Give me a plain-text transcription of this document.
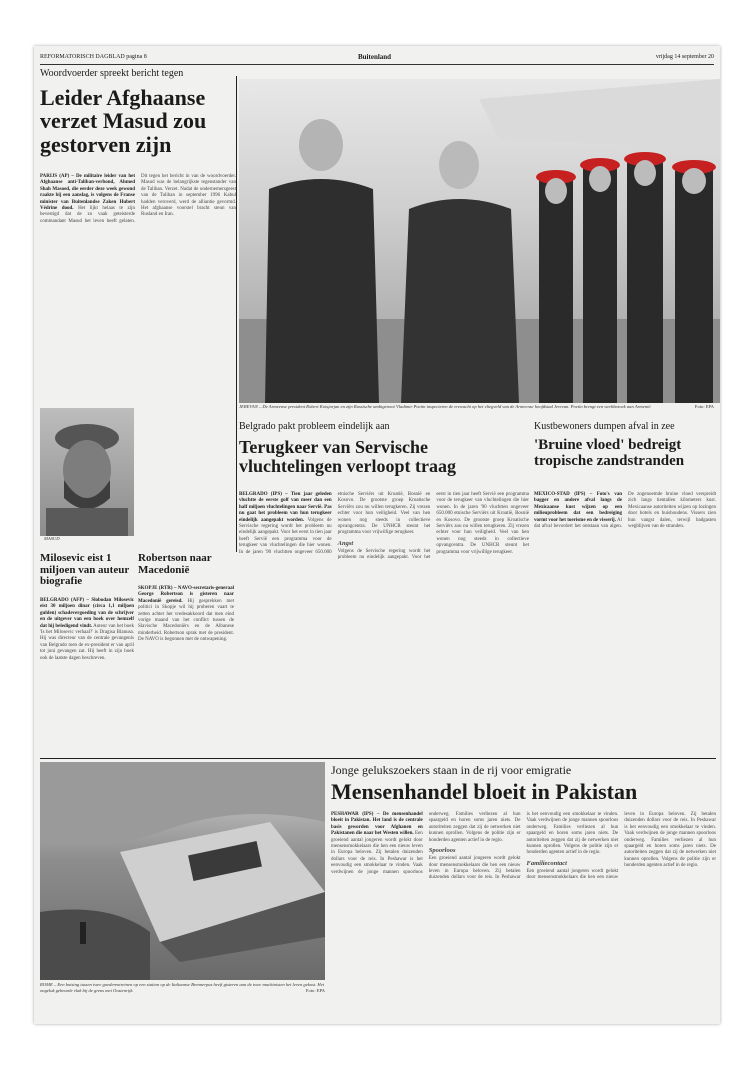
REFORMATORISCH DAGBLAD pagina 8	Buitenland	vrijdag 14 september 20
Woordvoerder spreekt bericht tegen
Leider Afghaanse verzet Masud zou gestorven zijn
PARIJS (AP) – De militaire leider van het Afghaanse anti-Taliban-verbond, Ahmed Shah Masoed, die eerder deze week gewond raakte bij een aanslag, is volgens de Franse minister van Buitenlandse Zaken Hubert Védrine dood. Het lijkt helaas te zijn bevestigd dat de zo vaak geteisterde commandant Masud het leven heeft gelaten. Dit tegen het bericht in van de woordvoerder. Masud was de belangrijkste tegenstander van de Taliban. Verzet. Nadat de ondernemersgeest van de Taliban in september 1996 Kabul hadden veroverd, werd de alliantie gevormd. Het afghaanse voorstel bracht steun van Rusland en Iran.
MASUD
JEREVAN – De Armeense president Robert Kotsjarjan en zijn Russische ambtgenoot Vladimir Poetin inspecteren de erewacht op het vliegveld van de Armeense hoofdstad Jerevan. Poetin brengt een werkbezoek aan Armenië.	Foto: EPA
Milosevic eist 1 miljoen van auteur biografie
BELGRADO (AFP) – Slobodan Milosevic eist 30 miljoen dinar (circa 1,1 miljoen gulden) schadevergoeding van de schrijver en de uitgever van een boek over hemzelf dat hij beledigend vindt. Auteur van het boek 'Is het Milosevic verhaal?' is Dragisa Blanusa. Hij was directeur van de centrale gevangenis van Belgrado toen de ex-president er van april tot juni gevangen zat. Hij heeft in zijn boek ook de laatste dagen beschreven.
Robertson naar Macedonië
SKOPJE (RTR) – NAVO-secretaris-generaal George Robertson is gisteren naar Macedonië gereisd. Hij gesprekken met politici in Skopje wil hij proberen vaart te zetten achter het vredesakkoord dat men eind vorige maand van het conflict tussen de Slavische Macedoniërs en de Albanese minderheid. Robertson sprak met de president. De NAVO is begonnen met de ontwapening.
Belgrado pakt probleem eindelijk aan
Terugkeer van Servische vluchtelingen verloopt traag
BELGRADO (IPS) – Tien jaar geleden vluchtte de eerste golf van meer dan een half miljoen vluchtelingen naar Servië. Pas nu gaat het probleem van hun terugkeer eindelijk aangepakt worden. Volgens de Servische regering wordt het probleem nu eindelijk aangepakt. Voor het eerst in tien jaar heeft Servië een programma voor de terugkeer van vluchtelingen die hier wonen. In de jaren '90 vluchtten ongeveer 650.000 etnische Serviërs uit Kroatië, Bosnië en Kosovo. De grootste groep Kroatische Serviërs zou nu willen terugkeren. Zij vrezen echter voor hun veiligheid. Veel van hen wonen nog steeds in collectieve opvangcentra. De UNHCR steunt het programma voor vrijwillige terugkeer.
Angst
Volgens de Servische regering wordt het probleem nu eindelijk aangepakt. Voor het eerst in tien jaar heeft Servië een programma voor de terugkeer van vluchtelingen die hier wonen. In de jaren '90 vluchtten ongeveer 650.000 etnische Serviërs uit Kroatië, Bosnië en Kosovo. De grootste groep Kroatische Serviërs zou nu willen terugkeren. Zij vrezen echter voor hun veiligheid. Veel van hen wonen nog steeds in collectieve opvangcentra. De UNHCR steunt het programma voor vrijwillige terugkeer.
Kustbewoners dumpen afval in zee
'Bruine vloed' bedreigt tropische zandstranden
MEXICO-STAD (IPS) – Foto's van bagger en andere afval langs de Mexicaanse kust wijzen op een milieuprobleem dat een bedreiging vormt voor het toerisme en de visserij. Al dat afval bevordert het ontstaan van algen. De zogenoemde bruine vloed verspreidt zich langs tientallen kilometers kust. Mexicaanse autoriteiten wijzen op lozingen door hotels en huishoudens. Vissers zien hun vangst dalen, terwijl badgasten wegblijven van de stranden.
ROME – Een botsing tussen twee goederentreinen op een station op de Italiaanse Brennerpas heeft gisteren aan de twee machinisten het leven gekost. Het ongeluk gebeurde vlak bij de grens met Oostenrijk.	Foto: EPA
Jonge gelukszoekers staan in de rij voor emigratie
Mensenhandel bloeit in Pakistan
PESHAWAR (IPS) – De mensenhandel bloeit in Pakistan. Het land is de centrale basis geworden voor Afghanen en Pakistanen die naar het Westen willen. Een groeiend aantal jongeren wordt gelokt door mensensmokkelaars die hen een nieuw leven in Europa beloven. Zij betalen duizenden dollars voor de reis. In Peshawar is het eenvoudig een smokkelaar te vinden. Vaak verdwijnen de jonge mannen spoorloos onderweg. Families verliezen al hun spaargeld en horen soms jaren niets. De autoriteiten zeggen dat zij de netwerken niet kunnen oprollen. Volgens de politie zijn er honderden agenten actief in de regio.
Spoorloos
Een groeiend aantal jongeren wordt gelokt door mensensmokkelaars die hen een nieuw leven in Europa beloven. Zij betalen duizenden dollars voor de reis. In Peshawar is het eenvoudig een smokkelaar te vinden. Vaak verdwijnen de jonge mannen spoorloos onderweg. Families verliezen al hun spaargeld en horen soms jaren niets. De autoriteiten zeggen dat zij de netwerken niet kunnen oprollen. Volgens de politie zijn er honderden agenten actief in de regio.
Familiecontact
Een groeiend aantal jongeren wordt gelokt door mensensmokkelaars die hen een nieuw leven in Europa beloven. Zij betalen duizenden dollars voor de reis. In Peshawar is het eenvoudig een smokkelaar te vinden. Vaak verdwijnen de jonge mannen spoorloos onderweg. Families verliezen al hun spaargeld en horen soms jaren niets. De autoriteiten zeggen dat zij de netwerken niet kunnen oprollen. Volgens de politie zijn er honderden agenten actief in de regio.
